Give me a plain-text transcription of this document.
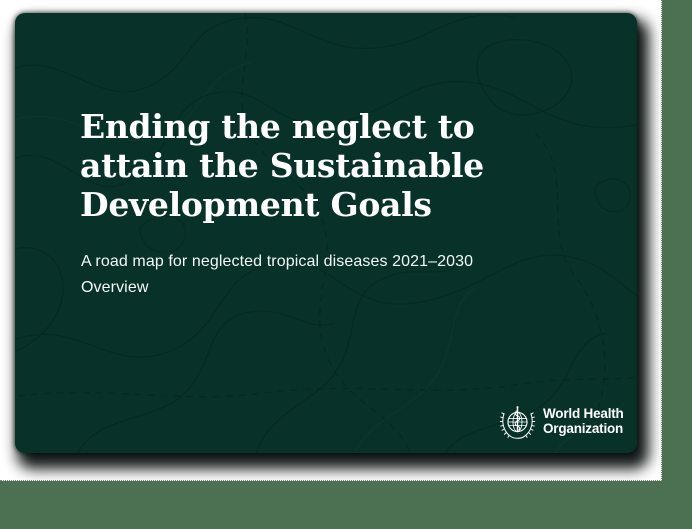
Ending the neglect to
attain the Sustainable
Development Goals
A road map for neglected tropical diseases 2021–2030
Overview
World Health
Organization
